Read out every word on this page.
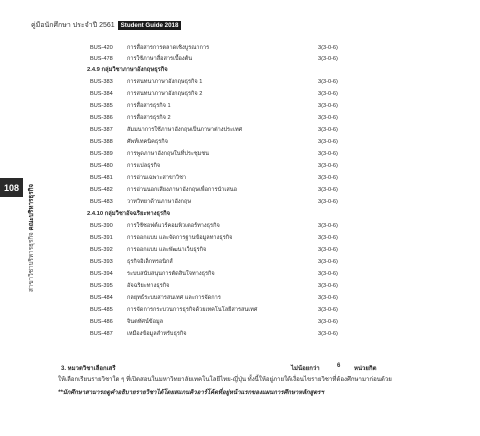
คู่มือนักศึกษา ประจำปี 2561 Student Guide 2018
108
สาขาวิชาบริหารธุรกิจ คณะบริหารธุรกิจ
BUS-420	การสื่อสารการตลาดเชิงบูรณาการ	3(3-0-6)
BUS-478	การใช้ภาษาสื่อสารเบื้องต้น	3(3-0-6)
2.4.9 กลุ่มวิชาภาษาอังกฤษธุรกิจ
BUS-383	การสนทนาภาษาอังกฤษธุรกิจ 1	3(3-0-6)
BUS-384	การสนทนาภาษาอังกฤษธุรกิจ 2	3(3-0-6)
BUS-385	การสื่อสารธุรกิจ 1	3(3-0-6)
BUS-386	การสื่อสารธุรกิจ 2	3(3-0-6)
BUS-387	สัมมนาการใช้ภาษาอังกฤษเป็นภาษาต่างประเทศ	3(3-0-6)
BUS-388	ศัพท์เทคนิคธุรกิจ	3(3-0-6)
BUS-389	การพูดภาษาอังกฤษในที่ประชุมชน	3(3-0-6)
BUS-480	การแปลธุรกิจ	3(3-0-6)
BUS-481	การอ่านเฉพาะสาขาวิชา	3(3-0-6)
BUS-482	การอ่านนอกเสียงภาษาอังกฤษเพื่อการนำเสนอ	3(3-0-6)
BUS-483	วาทวิทยาด้านภาษาอังกฤษ	3(3-0-6)
2.4.10 กลุ่มวิชาอัจฉริยะทางธุรกิจ
BUS-390	การใช้ซอฟต์แวร์คอมพิวเตอร์ทางธุรกิจ	3(3-0-6)
BUS-391	การออกแบบ และจัดการฐานข้อมูลทางธุรกิจ	3(3-0-6)
BUS-392	การออกแบบ และพัฒนาเว็บธุรกิจ	3(3-0-6)
BUS-393	ธุรกิจอิเล็กทรอนิกส์	3(3-0-6)
BUS-394	ระบบสนับสนุนการตัดสินใจทางธุรกิจ	3(3-0-6)
BUS-395	อัจฉริยะทางธุรกิจ	3(3-0-6)
BUS-484	กลยุทธ์ระบบสารสนเทศ และการจัดการ	3(3-0-6)
BUS-485	การจัดการกระบวนการธุรกิจด้วยเทคโนโลยีสารสนเทศ	3(3-0-6)
BUS-486	จินตทัศน์ข้อมูล	3(3-0-6)
BUS-487	เหมืองข้อมูลสำหรับธุรกิจ	3(3-0-6)
3. หมวดวิชาเลือกเสรี	ไม่น้อยกว่า	6 หน่วยกิต
ให้เลือกเรียนรายวิชาใด ๆ ที่เปิดสอนในมหาวิทยาลัยเทคโนโลยีไทย-ญี่ปุ่น ทั้งนี้ให้อยู่ภายใต้เงื่อนไขรายวิชาที่ต้องศึกษามาก่อนด้วย
**นักศึกษาสามารถดูคำอธิบายรายวิชาได้โดยสแกนคิวอาร์โค้ดที่อยู่หน้าแรกของแผนการศึกษาหลักสูตรฯ
